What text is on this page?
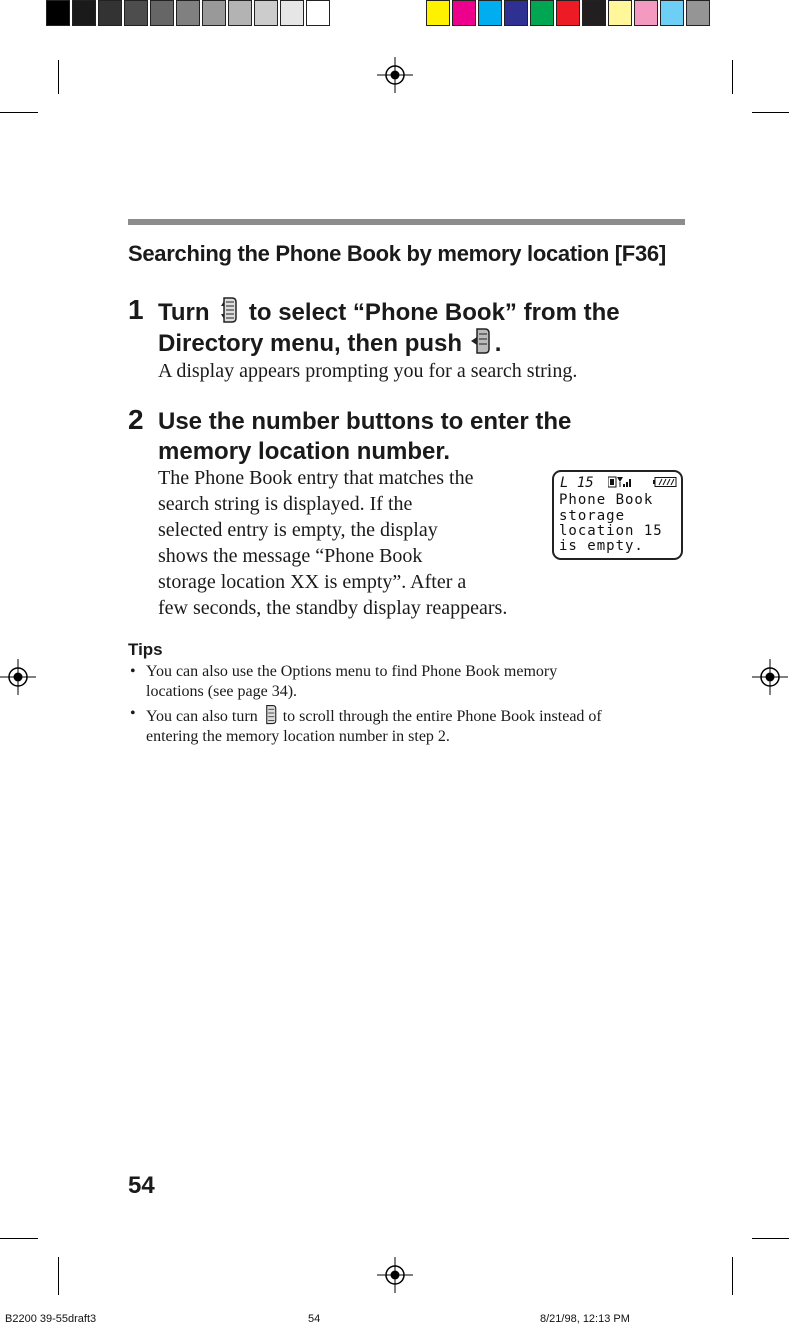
Searching the Phone Book by memory location [F36]
1 Turn to select “Phone Book” from the
Directory menu, then push .
A display appears prompting you for a search string.
2 Use the number buttons to enter the
memory location number.
The Phone Book entry that matches the
search string is displayed. If the
selected entry is empty, the display
shows the message “Phone Book
storage location XX is empty”. After a
few seconds, the standby display reappears.
L 15
Phone Book
storage
location 15
is empty.
Tips
• You can also use the Options menu to find Phone Book memory
locations (see page 34).
• You can also turn to scroll through the entire Phone Book instead of
entering the memory location number in step 2.
54
B2200 39-55draft3	54	8/21/98, 12:13 PM
